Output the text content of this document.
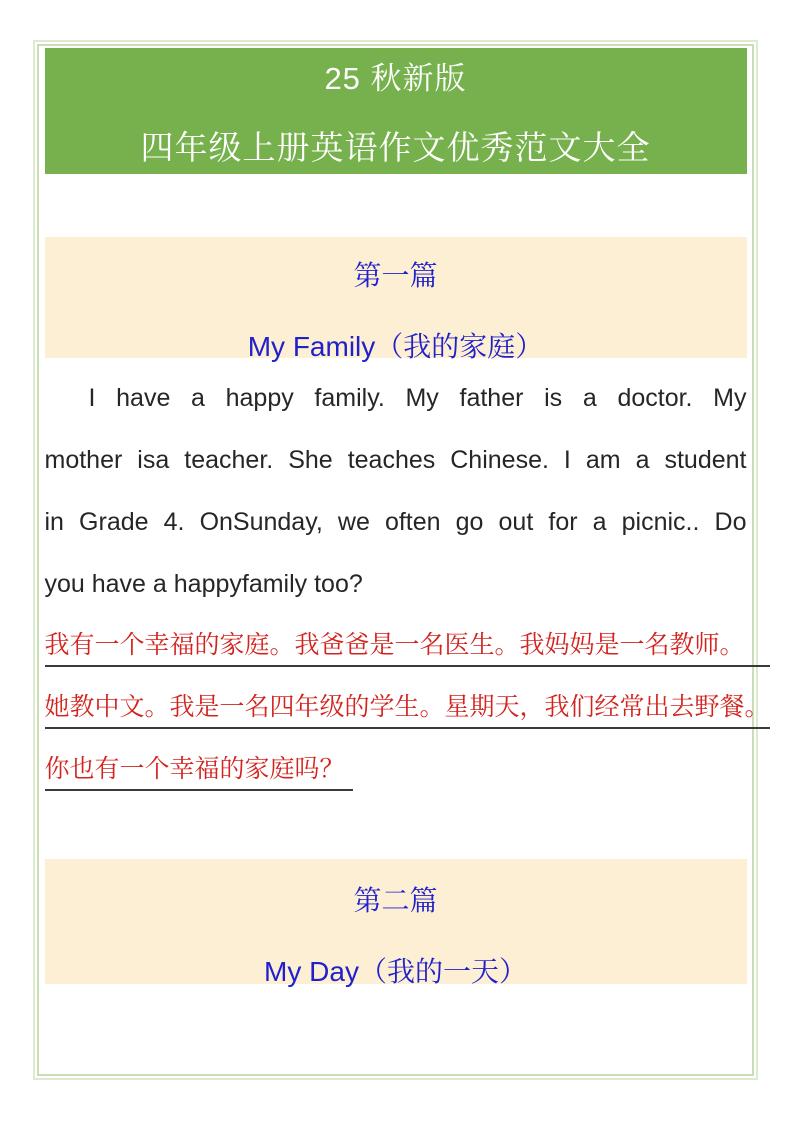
25 秋新版
四年级上册英语作文优秀范文大全
第一篇
My Family（我的家庭）
I have a happy family. My father is a doctor. My
mother isa teacher. She teaches Chinese. I am a student
in Grade 4. OnSunday, we often go out for a picnic.. Do
you have a happyfamily too?
我有一个幸福的家庭。我爸爸是一名医生。我妈妈是一名教师。
她教中文。我是一名四年级的学生。星期天，我们经常出去野餐。
你也有一个幸福的家庭吗？
第二篇
My Day（我的一天）
